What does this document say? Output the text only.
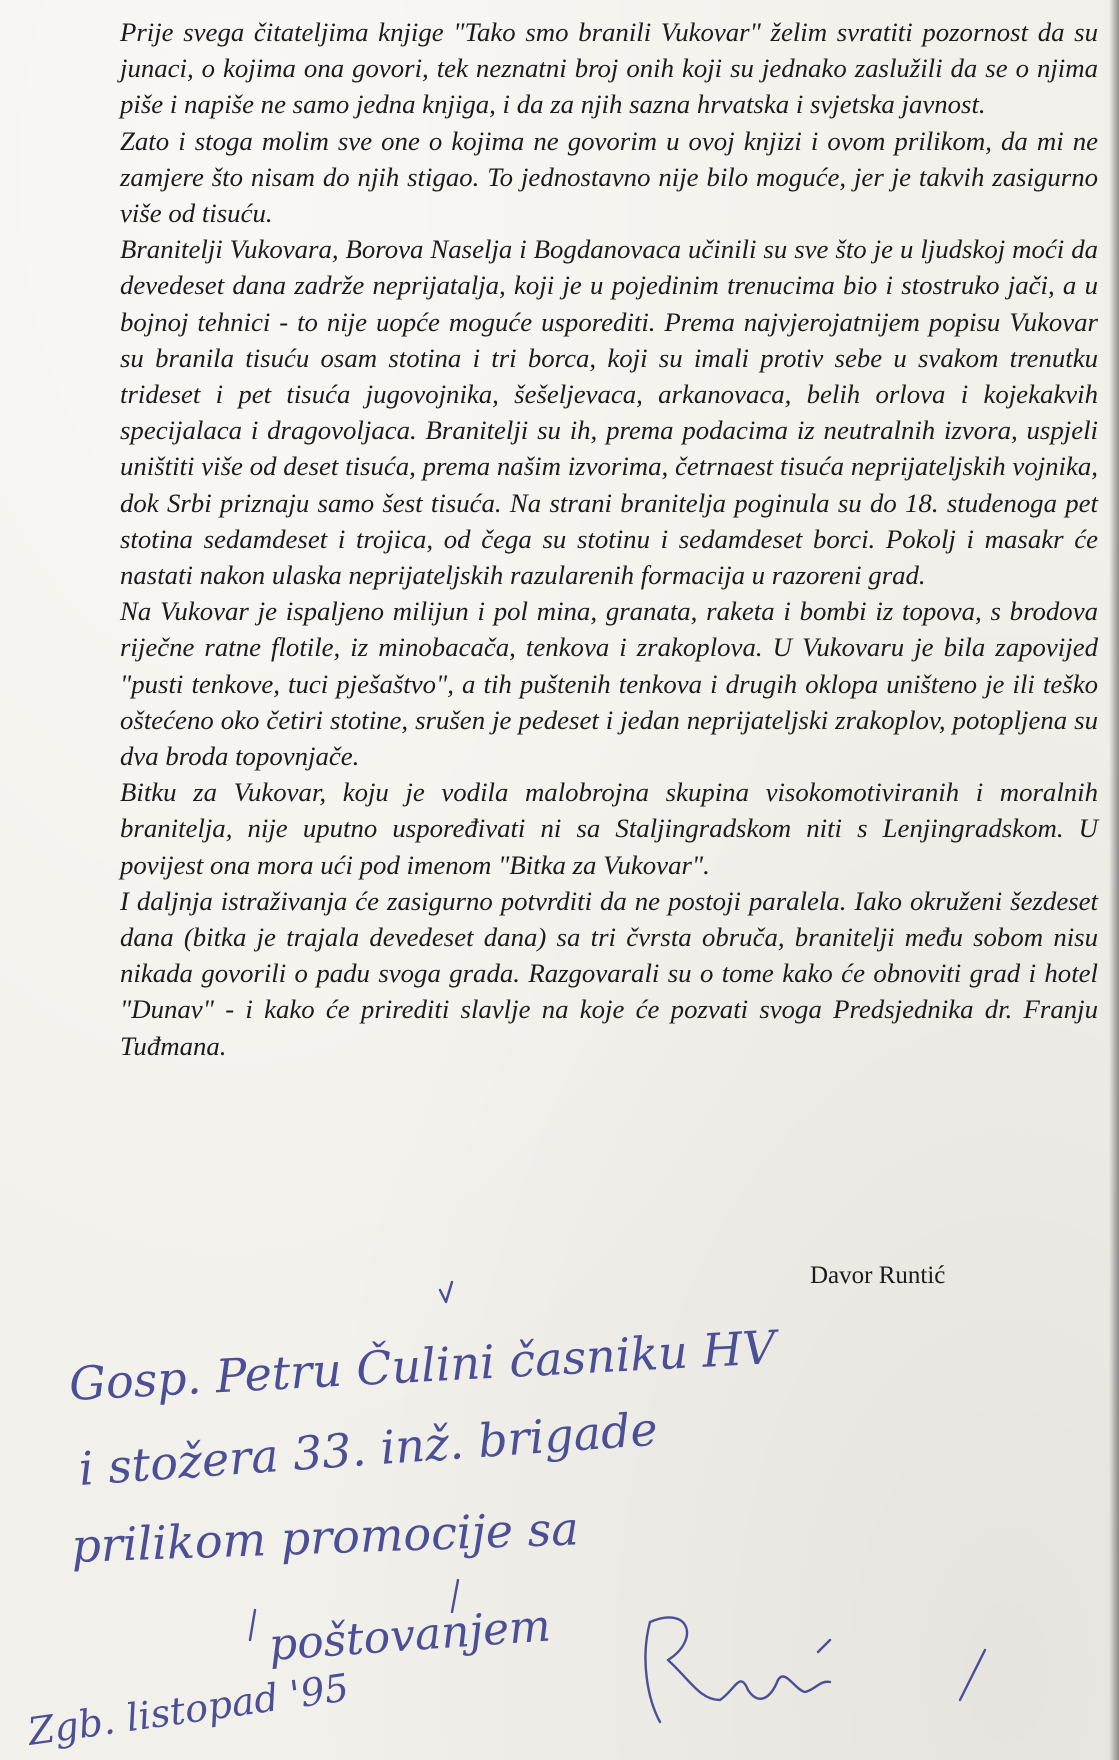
Prije svega čitateljima knjige "Tako smo branili Vukovar" želim svratiti pozornost da su junaci, o kojima ona govori, tek neznatni broj onih koji su jednako zaslužili da se o njima piše i napiše ne samo jedna knjiga, i da za njih sazna hrvatska i svjetska javnost.

Zato i stoga molim sve one o kojima ne govorim u ovoj knjizi i ovom prilikom, da mi ne zamjere što nisam do njih stigao. To jednostavno nije bilo moguće, jer je takvih zasigurno više od tisuću.

Branitelji Vukovara, Borova Naselja i Bogdanovaca učinili su sve što je u ljudskoj moći da devedeset dana zadrže neprijatalja, koji je u pojedinim trenucima bio i stostruko jači, a u bojnoj tehnici - to nije uopće moguće usporediti. Prema najvjerojatnijem popisu Vukovar su branila tisuću osam stotina i tri borca, koji su imali protiv sebe u svakom trenutku trideset i pet tisuća jugovojnika, šešeljevaca, arkanovaca, belih orlova i kojekakvih specijalaca i dragovoljaca. Branitelji su ih, prema podacima iz neutralnih izvora, uspjeli uništiti više od deset tisuća, prema našim izvorima, četrnaest tisuća neprijateljskih vojnika, dok Srbi priznaju samo šest tisuća. Na strani branitelja poginula su do 18. studenoga pet stotina sedamdeset i trojica, od čega su stotinu i sedamdeset borci. Pokolj i masakr će nastati nakon ulaska neprijateljskih razularenih formacija u razoreni grad.

Na Vukovar je ispaljeno milijun i pol mina, granata, raketa i bombi iz topova, s brodova riječne ratne flotile, iz minobacača, tenkova i zrakoplova. U Vukovaru je bila zapovijed "pusti tenkove, tuci pješaštvo", a tih puštenih tenkova i drugih oklopa uništeno je ili teško oštećeno oko četiri stotine, srušen je pedeset i jedan neprijateljski zrakoplov, potopljena su dva broda topovnjače.

Bitku za Vukovar, koju je vodila malobrojna skupina visokomotiviranih i moralnih branitelja, nije uputno uspoređivati ni sa Staljingradskom niti s Lenjingradskom. U povijest ona mora ući pod imenom "Bitka za Vukovar".

I daljnja istraživanja će zasigurno potvrditi da ne postoji paralela. Iako okruženi šezdeset dana (bitka je trajala devedeset dana) sa tri čvrsta obruča, branitelji među sobom nisu nikada govorili o padu svoga grada. Razgovarali su o tome kako će obnoviti grad i hotel "Dunav" - i kako će prirediti slavlje na koje će pozvati svoga Predsjednika dr. Franju Tuđmana.

Davor Runtić
Gosp. Petru Čulini časniku HV
i stožera 33. inž. brigade
prilikom promocije sa
poštovanjem
Zgb. listopad '95
